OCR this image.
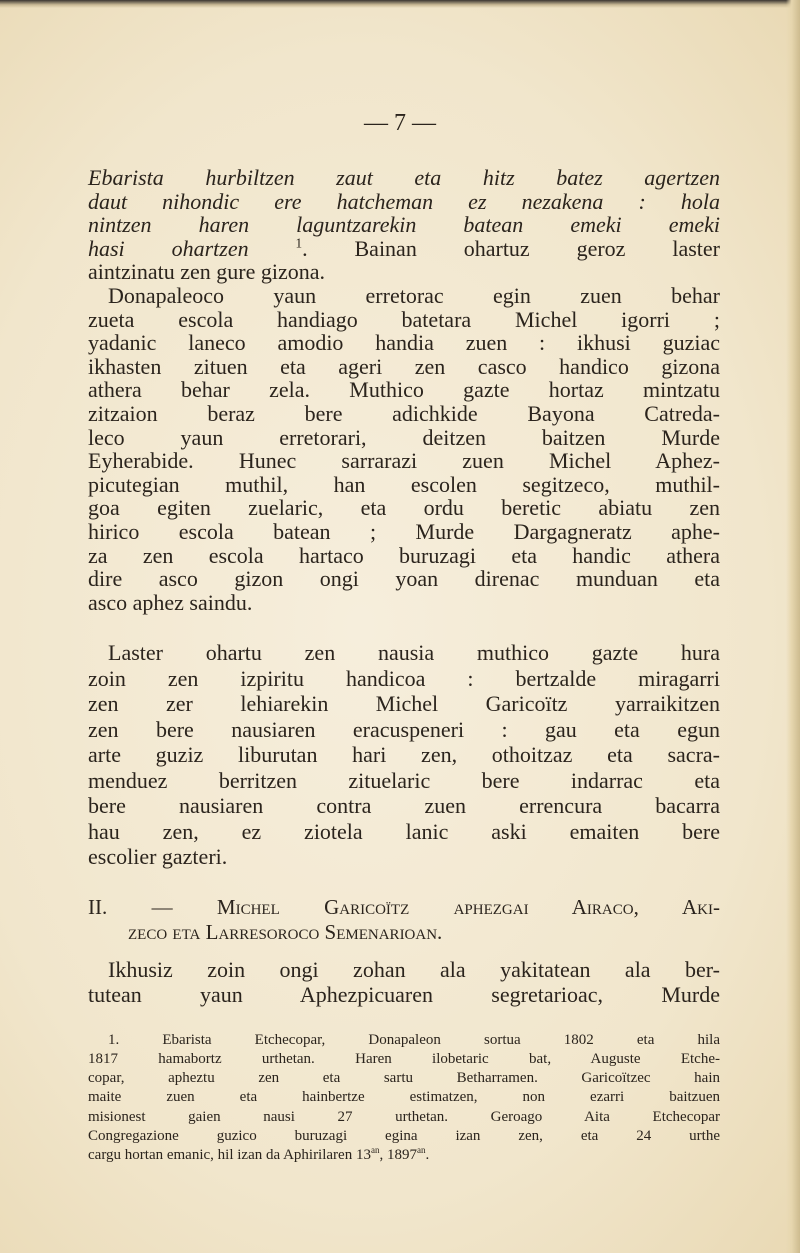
— 7 —
Ebarista hurbiltzen zaut eta hitz batez agertzen
daut nihondic ere hatcheman ez nezakena : hola
nintzen haren laguntzarekin batean emeki emeki
hasi ohartzen $^1$. Bainan ohartuz geroz laster
aintzinatu zen gure gizona.
Donapaleoco yaun erretorac egin zuen behar
zueta escola handiago batetara Michel igorri ;
yadanic laneco amodio handia zuen : ikhusi guziac
ikhasten zituen eta ageri zen casco handico gizona
athera behar zela. Muthico gazte hortaz mintzatu
zitzaion beraz bere adichkide Bayona Catreda-
leco yaun erretorari, deitzen baitzen Murde
Eyherabide. Hunec sarrarazi zuen Michel Aphez-
picutegian muthil, han escolen segitzeco, muthil-
goa egiten zuelaric, eta ordu beretic abiatu zen
hirico escola batean ; Murde Dargagneratz aphe-
za zen escola hartaco buruzagi eta handic athera
dire asco gizon ongi yoan direnac munduan eta
asco aphez saindu.
Laster ohartu zen nausia muthico gazte hura
zoin zen izpiritu handicoa : bertzalde miragarri
zen zer lehiarekin Michel Garicoïtz yarraikitzen
zen bere nausiaren eracuspeneri : gau eta egun
arte guziz liburutan hari zen, othoitzaz eta sacra-
menduez berritzen zituelaric bere indarrac eta
bere nausiaren contra zuen errencura bacarra
hau zen, ez ziotela lanic aski emaiten bere
escolier gazteri.
II. — Michel Garicoïtz aphezgai Airaco, Aki-
zeco eta Larresoroco Semenarioan.
Ikhusiz zoin ongi zohan ala yakitatean ala ber-
tutean yaun Aphezpicuaren segretarioac, Murde
1. Ebarista Etchecopar, Donapaleon sortua 1802 eta hila
1817 hamabortz urthetan. Haren ilobetaric bat, Auguste Etche-
copar, apheztu zen eta sartu Betharramen. Garicoïtzec hain
maite zuen eta hainbertze estimatzen, non ezarri baitzuen
misionest gaien nausi 27 urthetan. Geroago Aita Etchecopar
Congregazione guzico buruzagi egina izan zen, eta 24 urthe
cargu hortan emanic, hil izan da Aphirilaren $13^{an}$, $1897^{an}$.
